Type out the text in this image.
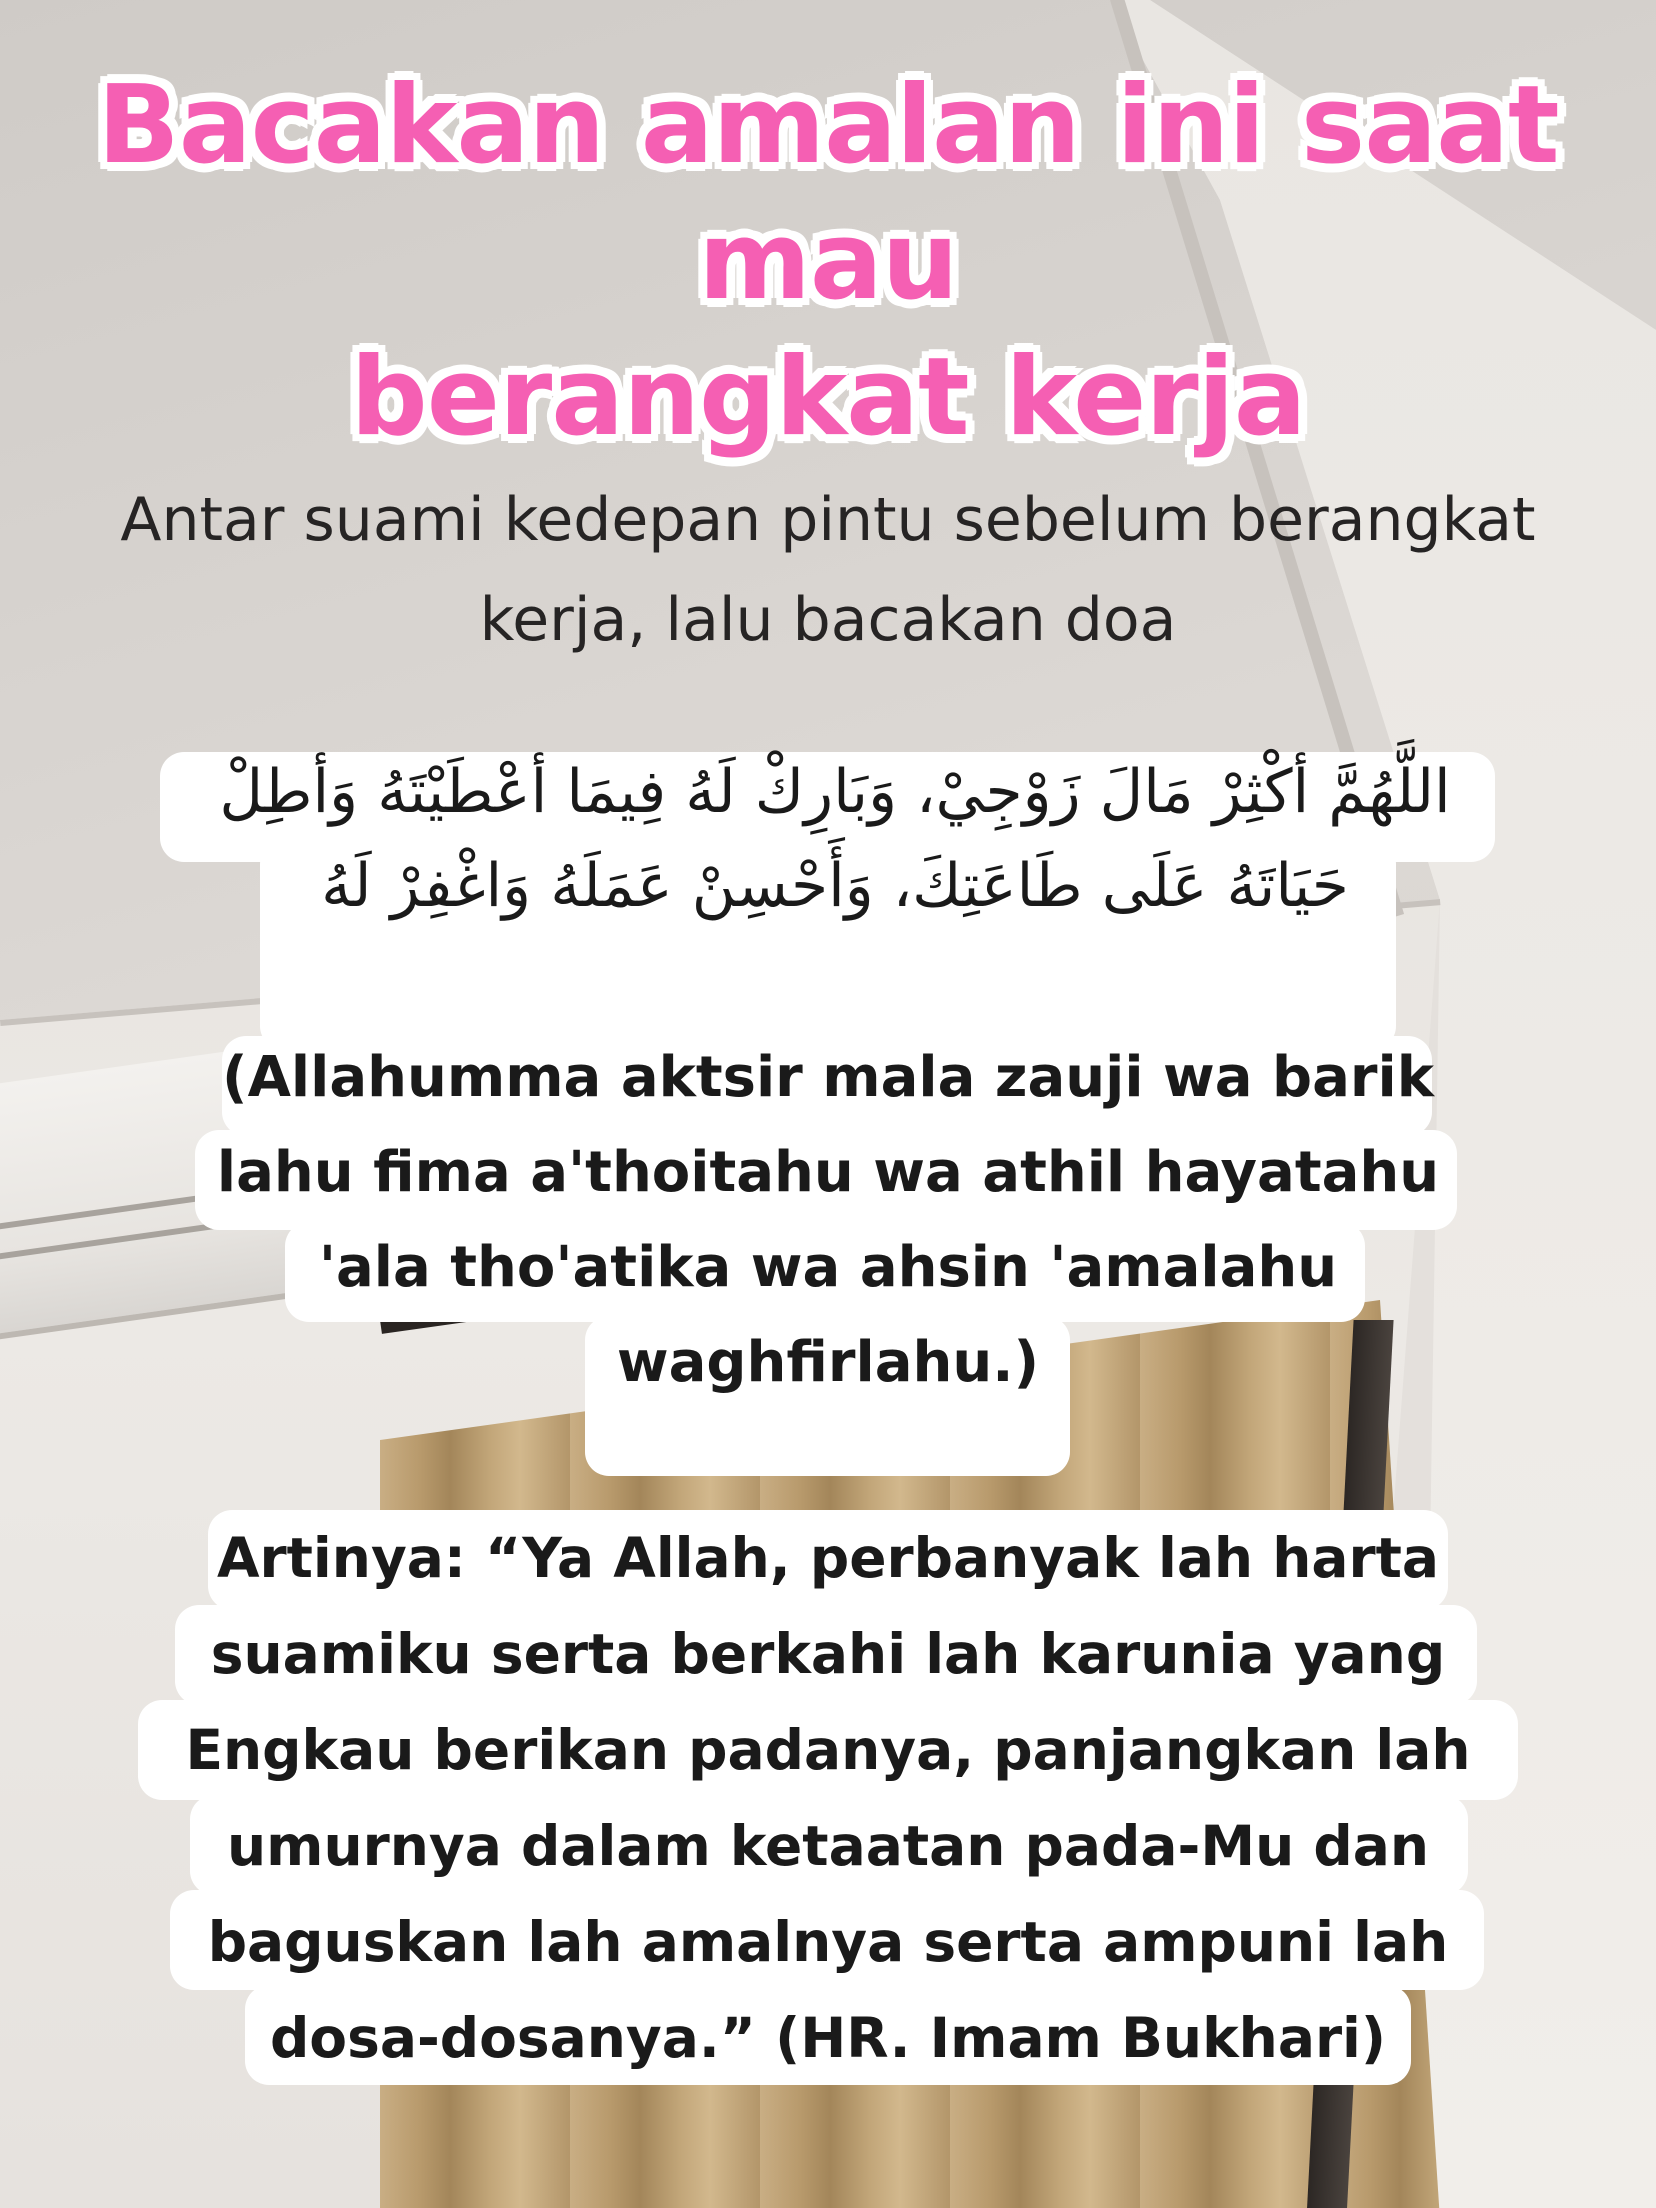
Bacakan amalan ini saat mau
berangkat kerja
Antar suami kedepan pintu sebelum berangkat
kerja, lalu bacakan doa
اللَّهُمَّ أكْثِرْ مَالَ زَوْجِيْ، وَبَارِكْ لَهُ فِيمَا أعْطَيْتَهُ وَأطِلْ
حَيَاتَهُ عَلَى طَاعَتِكَ، وَأَحْسِنْ عَمَلَهُ وَاغْفِرْ لَهُ
(Allahumma aktsir mala zauji wa barik
lahu fima a'thoitahu wa athil hayatahu
'ala tho'atika wa ahsin 'amalahu
waghfirlahu.)
Artinya: “Ya Allah, perbanyak lah harta
suamiku serta berkahi lah karunia yang
Engkau berikan padanya, panjangkan lah
umurnya dalam ketaatan pada-Mu dan
baguskan lah amalnya serta ampuni lah
dosa-dosanya.” (HR. Imam Bukhari)
